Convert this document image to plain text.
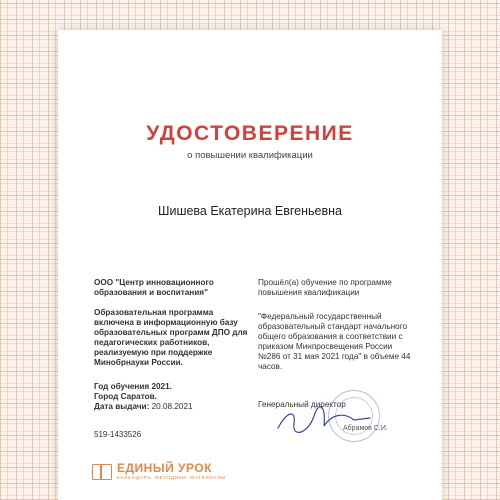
УДОСТОВЕРЕНИЕ
о повышении квалификации
Шишева Екатерина Евгеньевна

ООО "Центр инновационного образования и воспитания"

Образовательная программа включена в информационную базу образовательных программ ДПО для педагогических работников, реализуемую при поддержке Минобрнауки России.

Год обучения 2021.

Город Саратов.

Дата выдачи: 20.08.2021

519-1433526

Прошёл(а) обучение по программе повышения квалификации

"Федеральный государственный образовательный стандарт начального общего образования в соответствии с приказом Минпросвещения России №286 от 31 мая 2021 года" в объеме 44 часов.

Генеральный директор

Абрамов С.И.
ЕДИНЫЙ УРОК
КАЛЕНДАРЬ. МЕТОДИКИ. МАТЕРИАЛЫ
